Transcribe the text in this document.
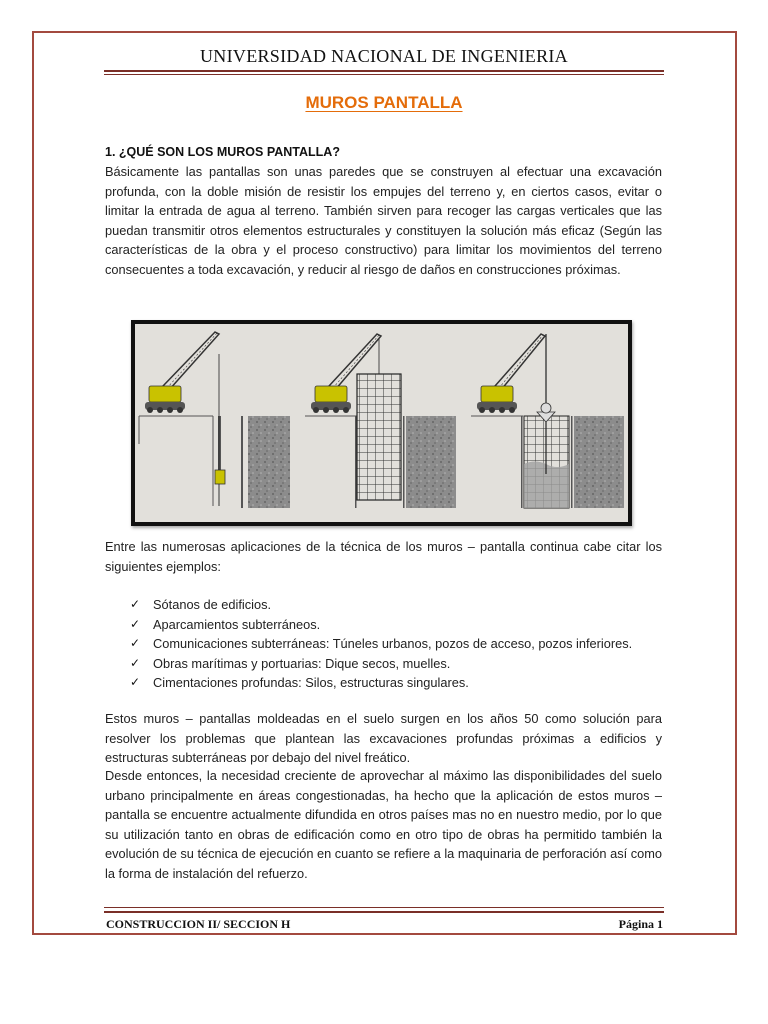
UNIVERSIDAD NACIONAL DE INGENIERIA
MUROS PANTALLA
1. ¿QUÉ SON LOS MUROS PANTALLA?
Básicamente las pantallas son unas paredes que se construyen al efectuar una excavación profunda, con la doble misión de resistir los empujes del terreno y, en ciertos casos, evitar o limitar la entrada de agua al terreno. También sirven para recoger las cargas verticales que las puedan transmitir otros elementos estructurales y constituyen la solución más eficaz (Según las características de la obra y el proceso constructivo) para limitar los movimientos del terreno consecuentes a toda excavación, y reducir al riesgo de daños en construcciones próximas.
Entre las numerosas aplicaciones de la técnica de los muros – pantalla continua cabe citar los siguientes ejemplos:
✓ Sótanos de edificios.
✓ Aparcamientos subterráneos.
✓ Comunicaciones subterráneas: Túneles urbanos, pozos de acceso, pozos inferiores.
✓ Obras marítimas y portuarias: Dique secos, muelles.
✓ Cimentaciones profundas: Silos, estructuras singulares.
Estos muros – pantallas moldeadas en el suelo surgen en los años 50 como solución para resolver los problemas que plantean las excavaciones profundas próximas a edificios y estructuras subterráneas por debajo del nivel freático.
Desde entonces, la necesidad creciente de aprovechar al máximo las disponibilidades del suelo urbano principalmente en áreas congestionadas, ha hecho que la aplicación de estos muros – pantalla se encuentre actualmente difundida en otros países mas no en nuestro medio, por lo que su utilización tanto en obras de edificación como en otro tipo de obras ha permitido también la evolución de su técnica de ejecución en cuanto se refiere a la maquinaria de perforación así como la forma de instalación del refuerzo.
CONSTRUCCION II/ SECCION H	Página 1
